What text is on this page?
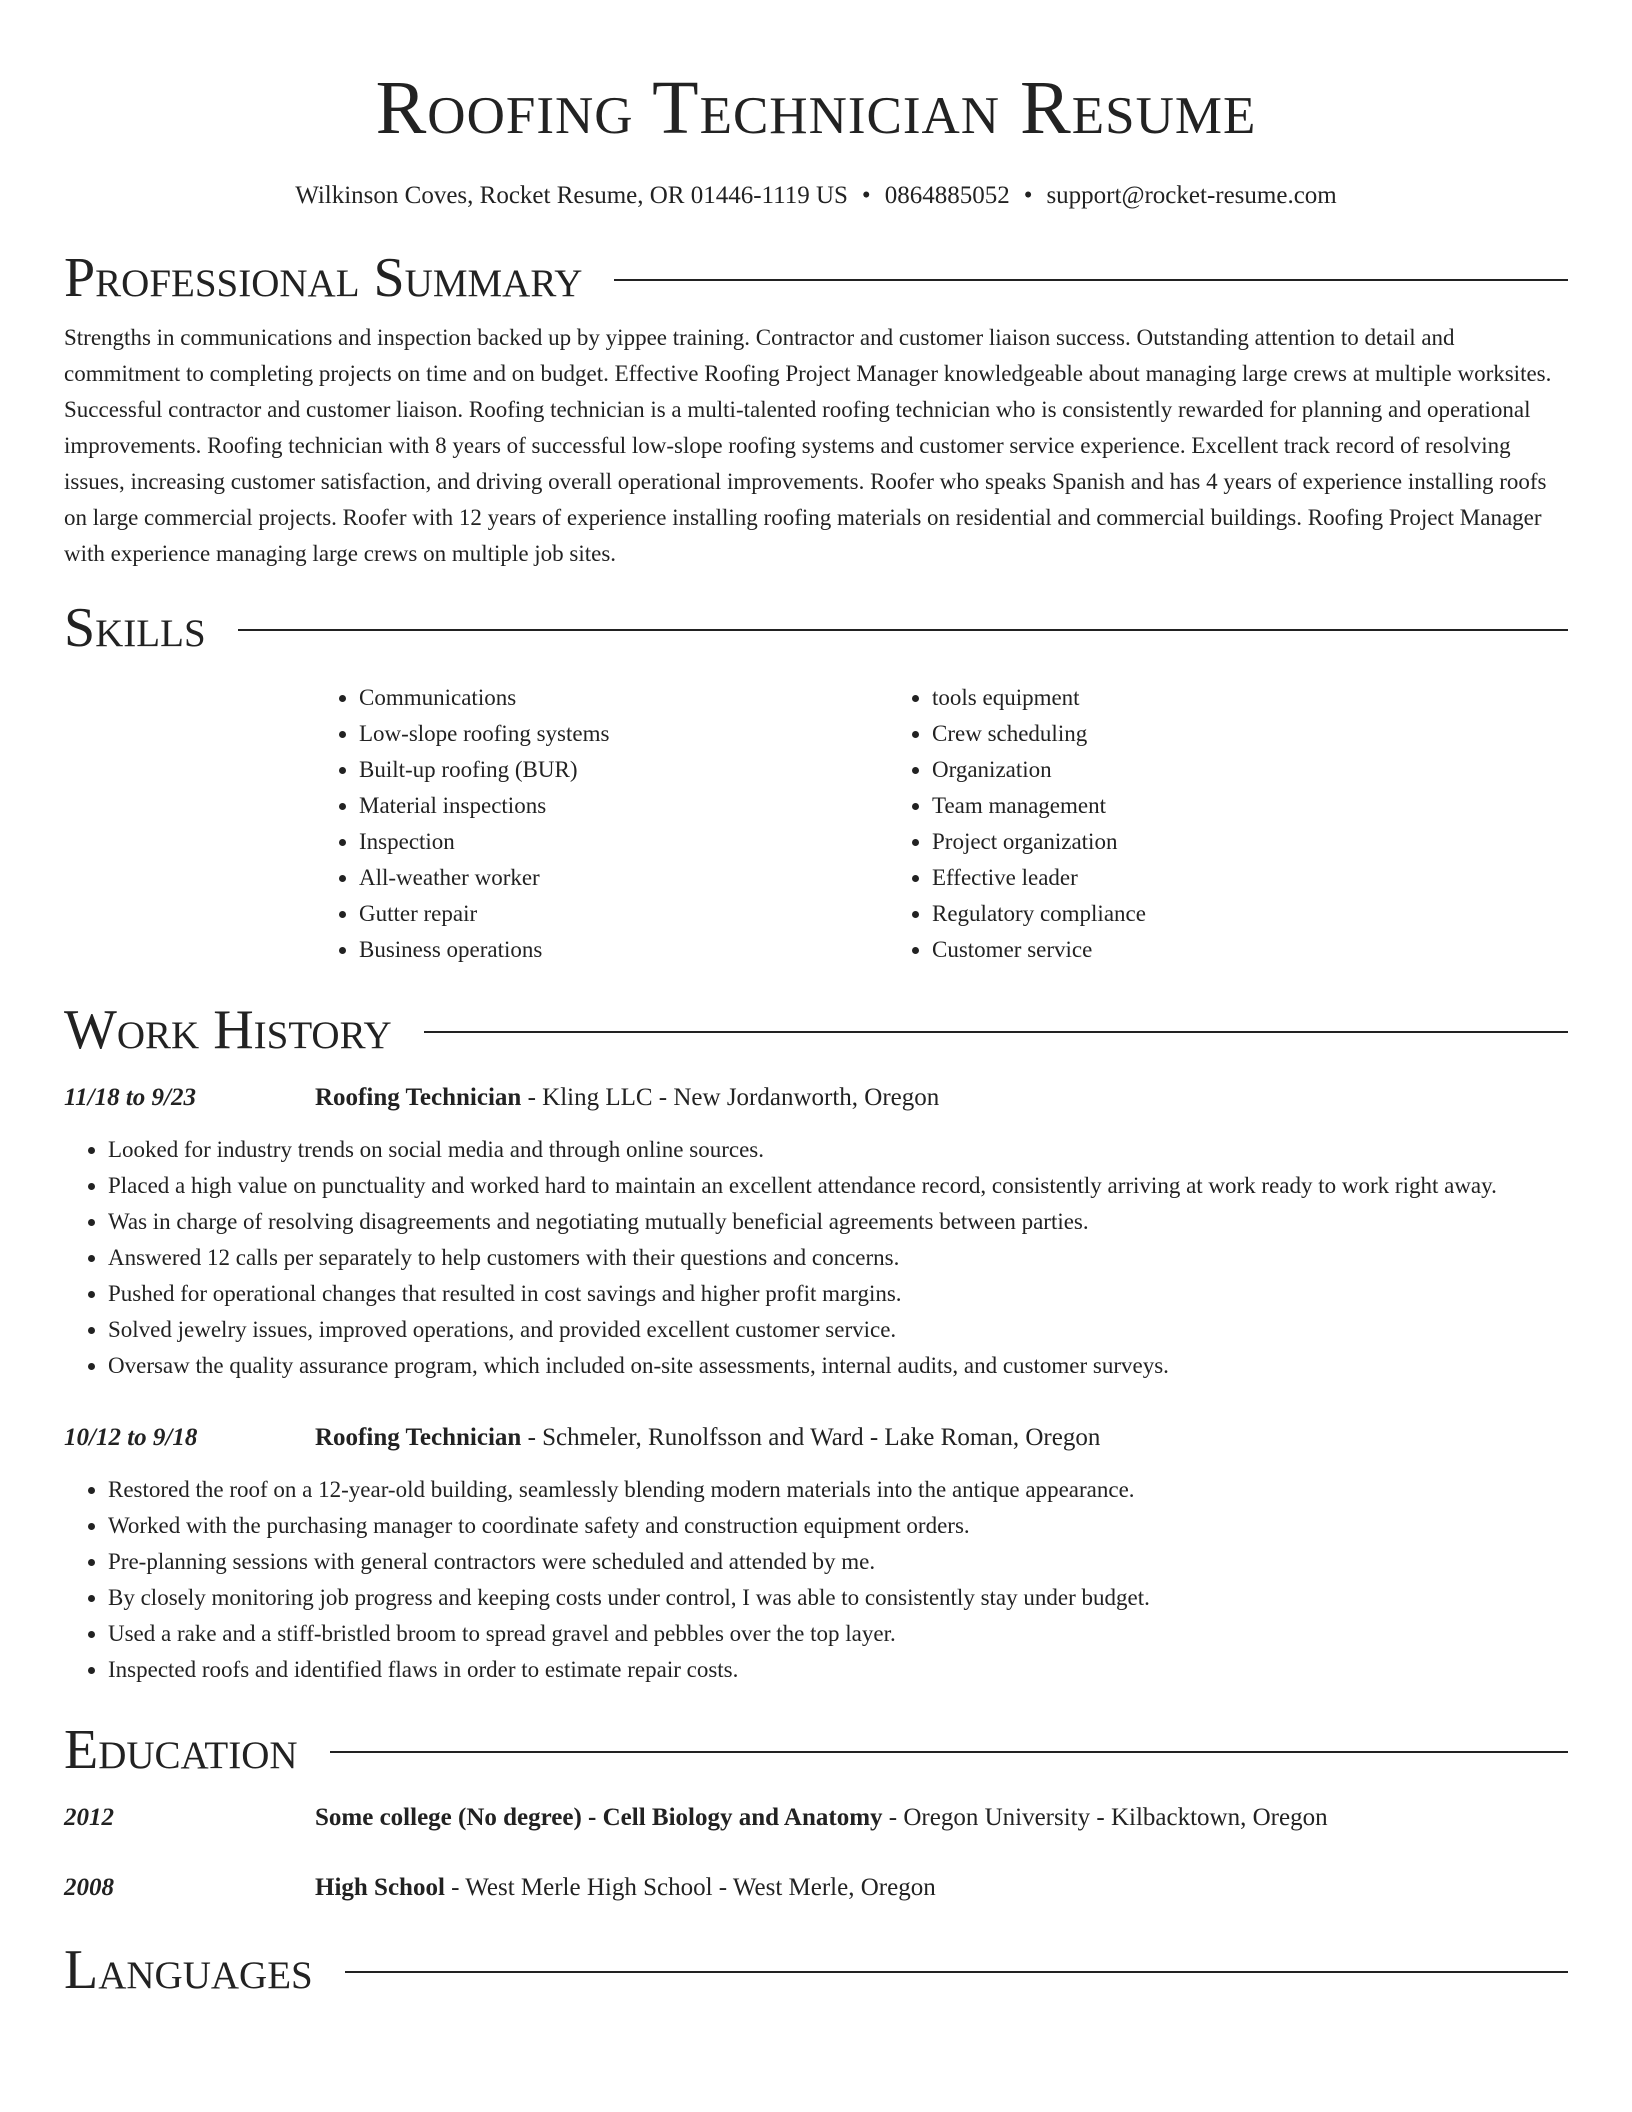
Roofing Technician Resume
Wilkinson Coves, Rocket Resume, OR 01446-1119 US • 0864885052 • support@rocket-resume.com
Professional Summary

Strengths in communications and inspection backed up by yippee training. Contractor and customer liaison success. Outstanding attention to detail and commitment to completing projects on time and on budget. Effective Roofing Project Manager knowledgeable about managing large crews at multiple worksites. Successful contractor and customer liaison. Roofing technician is a multi-talented roofing technician who is consistently rewarded for planning and operational improvements. Roofing technician with 8 years of successful low-slope roofing systems and customer service experience. Excellent track record of resolving issues, increasing customer satisfaction, and driving overall operational improvements. Roofer who speaks Spanish and has 4 years of experience installing roofs on large commercial projects. Roofer with 12 years of experience installing roofing materials on residential and commercial buildings. Roofing Project Manager with experience managing large crews on multiple job sites.

Skills
• Communications
• Low-slope roofing systems
• Built-up roofing (BUR)
• Material inspections
• Inspection
• All-weather worker
• Gutter repair
• Business operations
• tools equipment
• Crew scheduling
• Organization
• Team management
• Project organization
• Effective leader
• Regulatory compliance
• Customer service
Work History
11/18 to 9/23	Roofing Technician - Kling LLC - New Jordanworth, Oregon
• Looked for industry trends on social media and through online sources.
• Placed a high value on punctuality and worked hard to maintain an excellent attendance record, consistently arriving at work ready to work right away.
• Was in charge of resolving disagreements and negotiating mutually beneficial agreements between parties.
• Answered 12 calls per separately to help customers with their questions and concerns.
• Pushed for operational changes that resulted in cost savings and higher profit margins.
• Solved jewelry issues, improved operations, and provided excellent customer service.
• Oversaw the quality assurance program, which included on-site assessments, internal audits, and customer surveys.
10/12 to 9/18	Roofing Technician - Schmeler, Runolfsson and Ward - Lake Roman, Oregon
• Restored the roof on a 12-year-old building, seamlessly blending modern materials into the antique appearance.
• Worked with the purchasing manager to coordinate safety and construction equipment orders.
• Pre-planning sessions with general contractors were scheduled and attended by me.
• By closely monitoring job progress and keeping costs under control, I was able to consistently stay under budget.
• Used a rake and a stiff-bristled broom to spread gravel and pebbles over the top layer.
• Inspected roofs and identified flaws in order to estimate repair costs.
Education
2012	Some college (No degree) - Cell Biology and Anatomy - Oregon University - Kilbacktown, Oregon
2008	High School - West Merle High School - West Merle, Oregon
Languages
